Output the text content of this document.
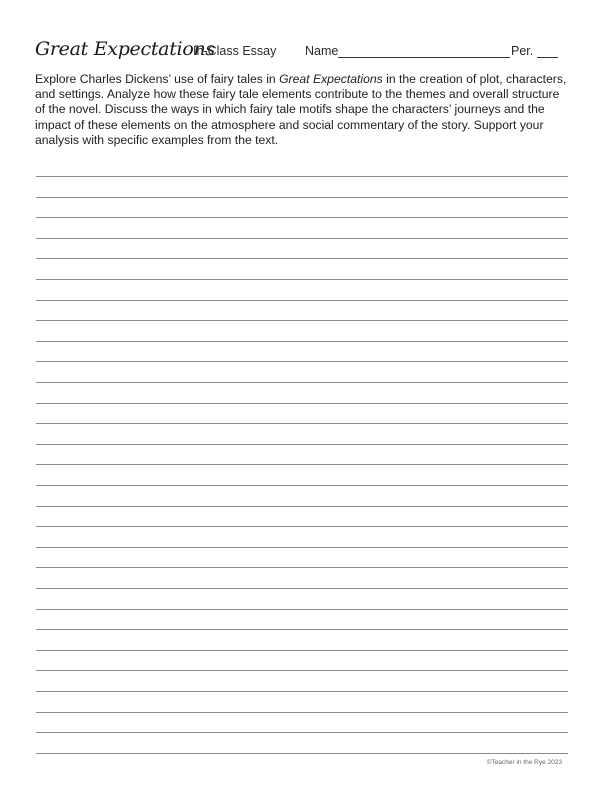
Great Expectations
In-Class Essay Name	Per.
Explore Charles Dickens’ use of fairy tales in Great Expectations in the creation of plot, characters, and settings. Analyze how these fairy tale elements contribute to the themes and overall structure of the novel. Discuss the ways in which fairy tale motifs shape the characters’ journeys and the impact of these elements on the atmosphere and social commentary of the story. Support your analysis with specific examples from the text.
©Teacher in the Rye 2023
